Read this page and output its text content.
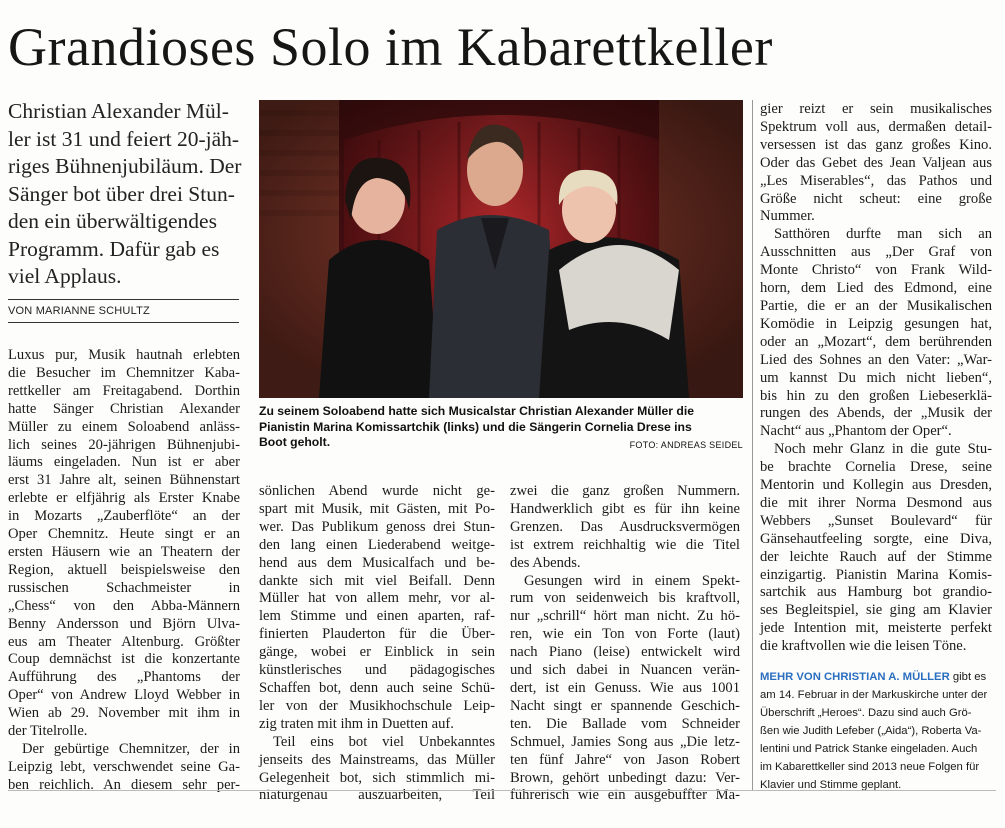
Grandioses Solo im Kabarettkeller
Christian Alexander Mül-
ler ist 31 und feiert 20-jäh-
riges Bühnenjubiläum. Der
Sänger bot über drei Stun-
den ein überwältigendes
Programm. Dafür gab es
viel Applaus.
VON MARIANNE SCHULTZ
Luxus pur, Musik hautnah erlebten
die Besucher im Chemnitzer Kaba-
rettkeller am Freitagabend. Dorthin
hatte Sänger Christian Alexander
Müller zu einem Soloabend anläss-
lich seines 20-jährigen Bühnenjubi-
läums eingeladen. Nun ist er aber
erst 31 Jahre alt, seinen Bühnenstart
erlebte er elfjährig als Erster Knabe
in Mozarts „Zauberflöte“ an der
Oper Chemnitz. Heute singt er an
ersten Häusern wie an Theatern der
Region, aktuell beispielsweise den
russischen Schachmeister in
„Chess“ von den Abba-Männern
Benny Andersson und Björn Ulva-
eus am Theater Altenburg. Größter
Coup demnächst ist die konzertante
Aufführung des „Phantoms der
Oper“ von Andrew Lloyd Webber in
Wien ab 29. November mit ihm in
der Titelrolle.
Der gebürtige Chemnitzer, der in
Leipzig lebt, verschwendet seine Ga-
ben reichlich. An diesem sehr per-
Zu seinem Soloabend hatte sich Musicalstar Christian Alexander Müller die
Pianistin Marina Komissartchik (links) und die Sängerin Cornelia Drese ins
Boot geholt.	FOTO: ANDREAS SEIDEL
sönlichen Abend wurde nicht ge-
spart mit Musik, mit Gästen, mit Po-
wer. Das Publikum genoss drei Stun-
den lang einen Liederabend weitge-
hend aus dem Musicalfach und be-
dankte sich mit viel Beifall. Denn
Müller hat von allem mehr, vor al-
lem Stimme und einen aparten, raf-
finierten Plauderton für die Über-
gänge, wobei er Einblick in sein
künstlerisches und pädagogisches
Schaffen bot, denn auch seine Schü-
ler von der Musikhochschule Leip-
zig traten mit ihm in Duetten auf.
Teil eins bot viel Unbekanntes
jenseits des Mainstreams, das Müller
Gelegenheit bot, sich stimmlich mi-
niaturgenau auszuarbeiten, Teil
zwei die ganz großen Nummern.
Handwerklich gibt es für ihn keine
Grenzen. Das Ausdrucksvermögen
ist extrem reichhaltig wie die Titel
des Abends.
Gesungen wird in einem Spekt-
rum von seidenweich bis kraftvoll,
nur „schrill“ hört man nicht. Zu hö-
ren, wie ein Ton von Forte (laut)
nach Piano (leise) entwickelt wird
und sich dabei in Nuancen verän-
dert, ist ein Genuss. Wie aus 1001
Nacht singt er spannende Geschich-
ten. Die Ballade vom Schneider
Schmuel, Jamies Song aus „Die letz-
ten fünf Jahre“ von Jason Robert
Brown, gehört unbedingt dazu: Ver-
führerisch wie ein ausgebuffter Ma-
gier reizt er sein musikalisches
Spektrum voll aus, dermaßen detail-
versessen ist das ganz großes Kino.
Oder das Gebet des Jean Valjean aus
„Les Miserables“, das Pathos und
Größe nicht scheut: eine große
Nummer.
Satthören durfte man sich an
Ausschnitten aus „Der Graf von
Monte Christo“ von Frank Wild-
horn, dem Lied des Edmond, eine
Partie, die er an der Musikalischen
Komödie in Leipzig gesungen hat,
oder an „Mozart“, dem berührenden
Lied des Sohnes an den Vater: „War-
um kannst Du mich nicht lieben“,
bis hin zu den großen Liebeserklä-
rungen des Abends, der „Musik der
Nacht“ aus „Phantom der Oper“.
Noch mehr Glanz in die gute Stu-
be brachte Cornelia Drese, seine
Mentorin und Kollegin aus Dresden,
die mit ihrer Norma Desmond aus
Webbers „Sunset Boulevard“ für
Gänsehautfeeling sorgte, eine Diva,
der leichte Rauch auf der Stimme
einzigartig. Pianistin Marina Komis-
sartchik aus Hamburg bot grandio-
ses Begleitspiel, sie ging am Klavier
jede Intention mit, meisterte perfekt
die kraftvollen wie die leisen Töne.
MEHR VON CHRISTIAN A. MÜLLER gibt es
am 14. Februar in der Markuskirche unter der
Überschrift „Heroes“. Dazu sind auch Grö-
ßen wie Judith Lefeber („Aida“), Roberta Va-
lentini und Patrick Stanke eingeladen. Auch
im Kabarettkeller sind 2013 neue Folgen für
Klavier und Stimme geplant.
